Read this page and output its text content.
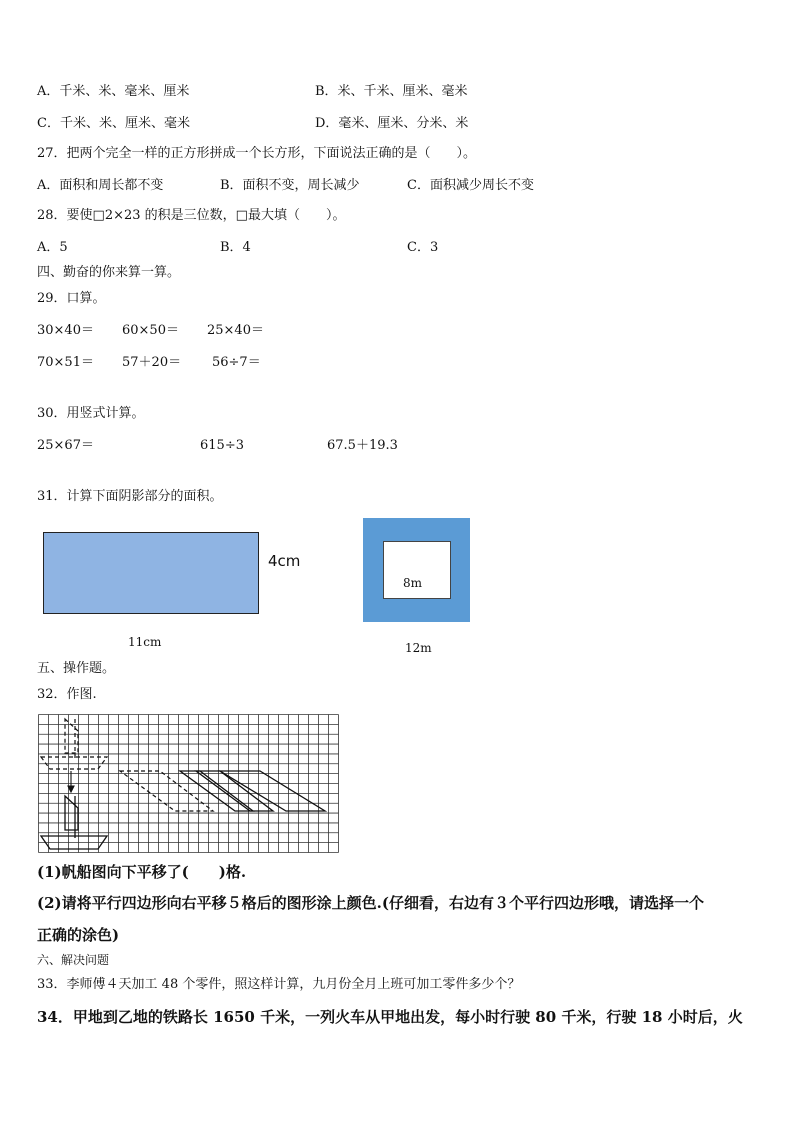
A．千米、米、毫米、厘米	B．米、千米、厘米、毫米
C．千米、米、厘米、毫米	D．毫米、厘米、分米、米
27．把两个完全一样的正方形拼成一个长方形，下面说法正确的是（　　）。
A．面积和周长都不变	B．面积不变，周长减少	C．面积减少周长不变
28．要使□2×23 的积是三位数，□最大填（　　）。
A．5	B．4	C．3
四、勤奋的你来算一算。
29．口算。
30×40＝ 60×50＝ 25×40＝
70×51＝ 57＋20＝ 56÷7＝
30．用竖式计算。
25×67＝	615÷3	67.5＋19.3
31．计算下面阴影部分的面积。
4cm
11cm
8m
12m
五、操作题。
32．作图.
(1)帆船图向下平移了(　　)格.
(2)请将平行四边形向右平移５格后的图形涂上颜色.(仔细看，右边有３个平行四边形哦，请选择一个
正确的涂色)
六、解决问题
33．李师傅４天加工 48 个零件，照这样计算，九月份全月上班可加工零件多少个？
34．甲地到乙地的铁路长 1650 千米，一列火车从甲地出发，每小时行驶 80 千米，行驶 18 小时后，火
